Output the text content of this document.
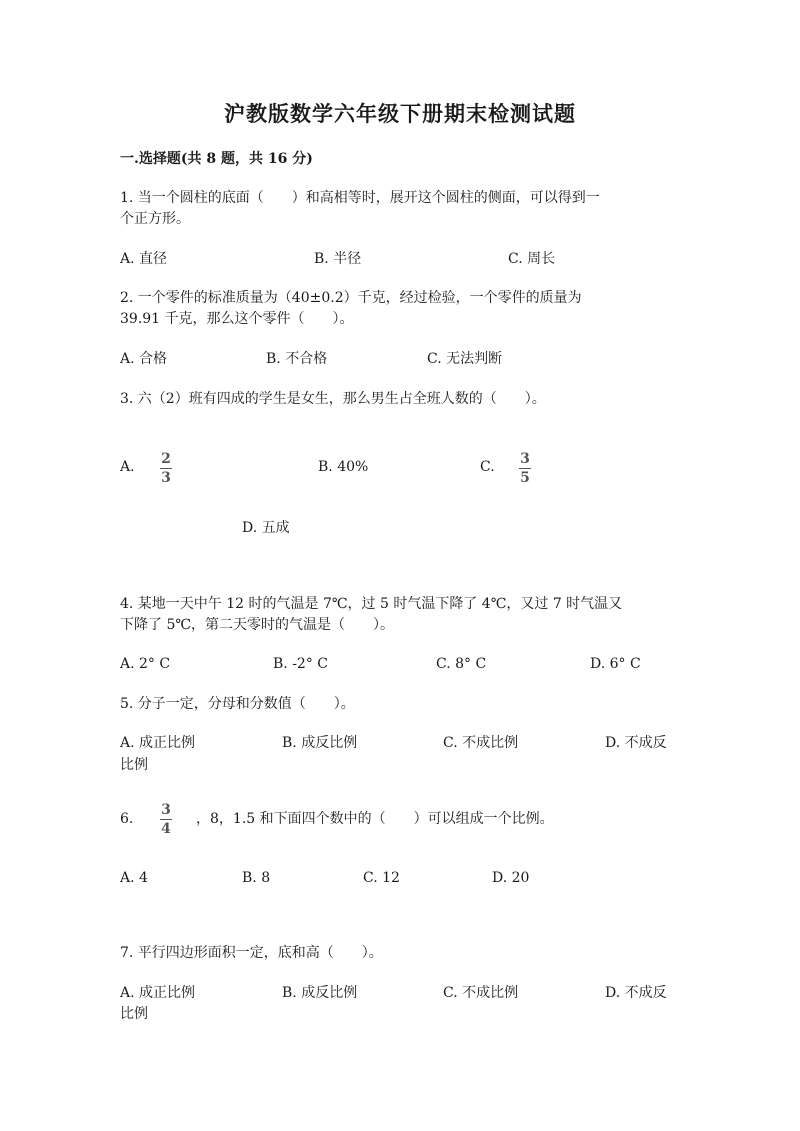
沪教版数学六年级下册期末检测试题
一.选择题(共 8 题，共 16 分)
1. 当一个圆柱的底面（　　）和高相等时，展开这个圆柱的侧面，可以得到一
个正方形。
A. 直径	B. 半径	C. 周长
2. 一个零件的标准质量为（40±0.2）千克，经过检验，一个零件的质量为
39.91 千克，那么这个零件（　　）。
A. 合格	B. 不合格	C. 无法判断
3. 六（2）班有四成的学生是女生，那么男生占全班人数的（　　）。
A. 2
3
B. 40%	C. 3
5
D. 五成
4. 某地一天中午 12 时的气温是 7℃，过 5 时气温下降了 4℃，又过 7 时气温又
下降了 5℃，第二天零时的气温是（　　）。
A. 2° C	B. -2° C	C. 8° C	D. 6° C
5. 分子一定，分母和分数值（　　）。
A. 成正比例	B. 成反比例	C. 不成比例	D. 不成反
比例
6.
3
4
，8，1.5 和下面四个数中的（　　）可以组成一个比例。
A. 4	B. 8	C. 12	D. 20
7. 平行四边形面积一定，底和高（　　）。
A. 成正比例	B. 成反比例	C. 不成比例	D. 不成反
比例
